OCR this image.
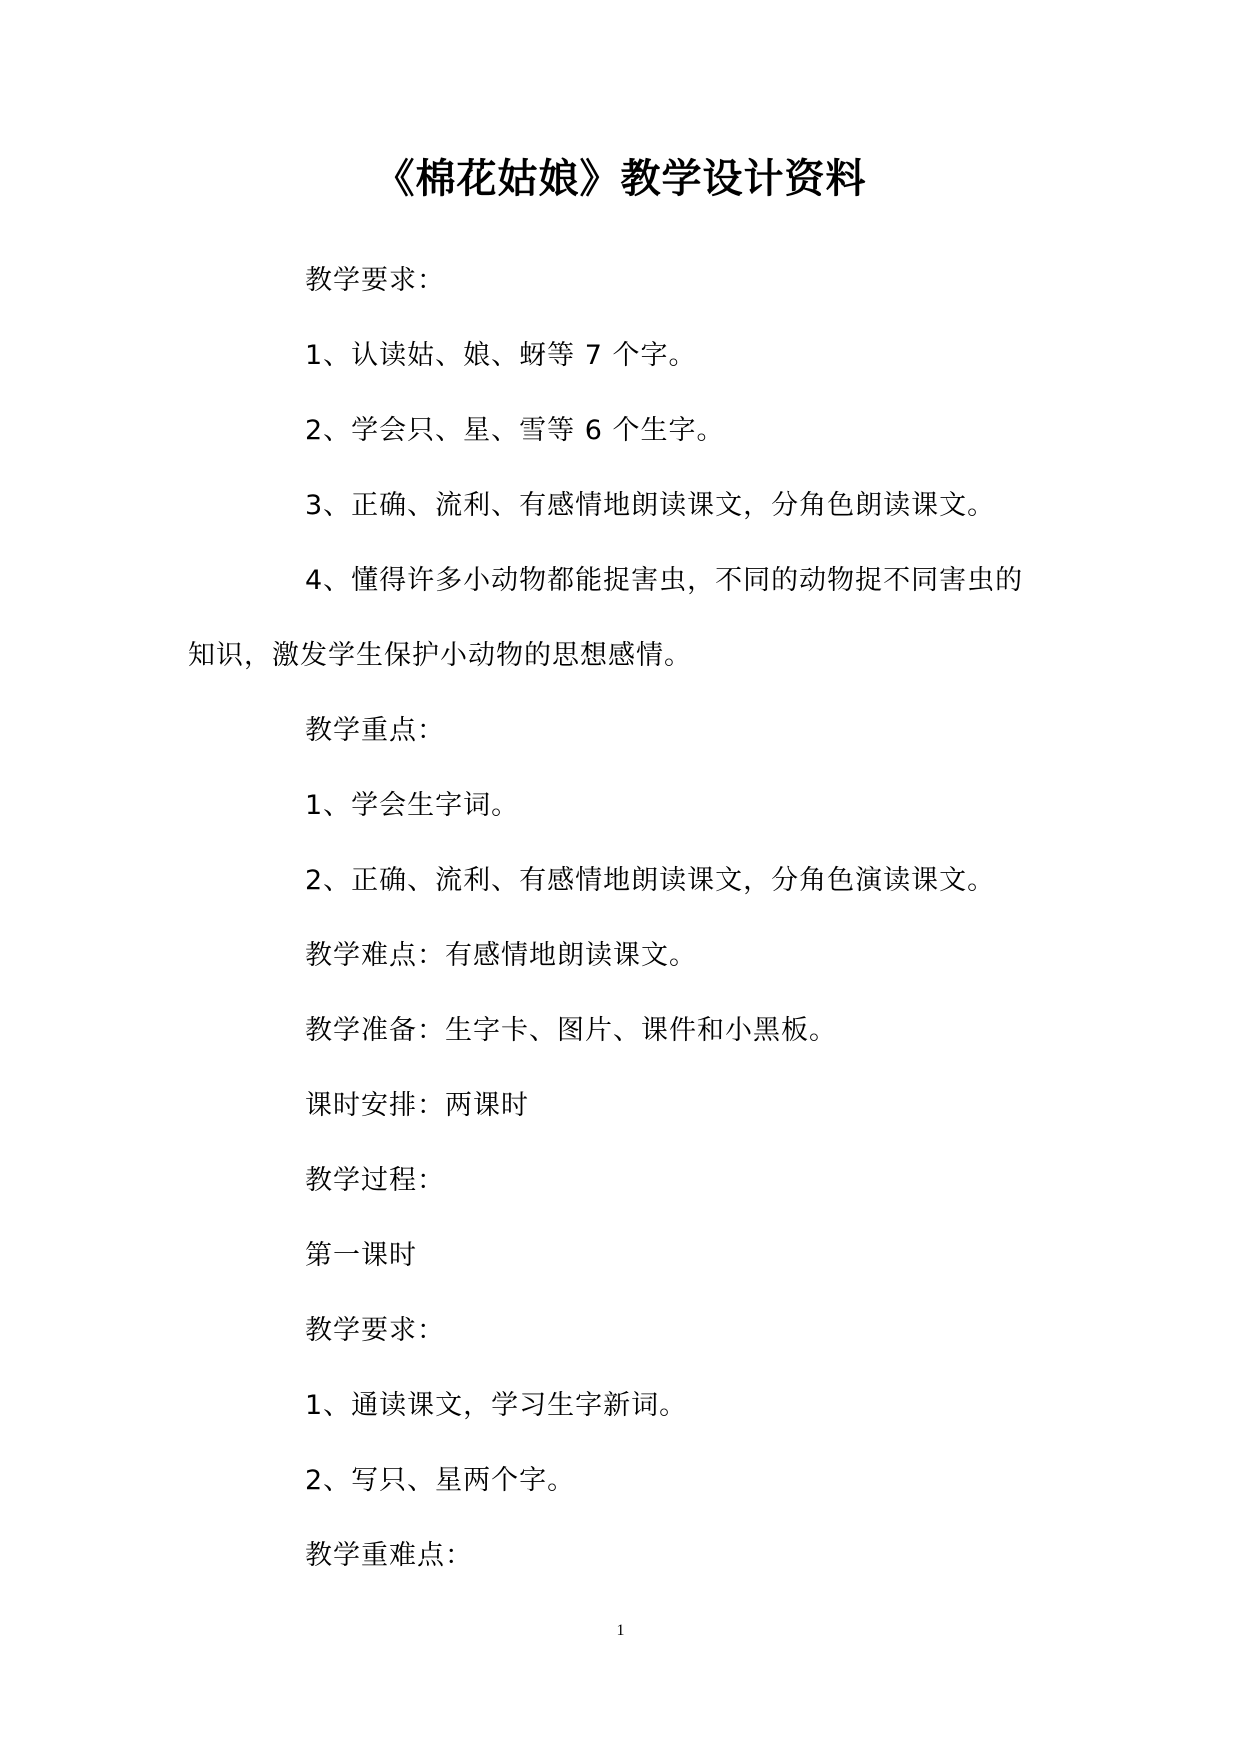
《棉花姑娘》教学设计资料
教学要求：
1、认读姑、娘、蚜等 7 个字。
2、学会只、星、雪等 6 个生字。
3、正确、流利、有感情地朗读课文，分角色朗读课文。
4、懂得许多小动物都能捉害虫，不同的动物捉不同害虫的
知识，激发学生保护小动物的思想感情。
教学重点：
1、学会生字词。
2、正确、流利、有感情地朗读课文，分角色演读课文。
教学难点：有感情地朗读课文。
教学准备：生字卡、图片、课件和小黑板。
课时安排：两课时
教学过程：
第一课时
教学要求：
1、通读课文，学习生字新词。
2、写只、星两个字。
教学重难点：
1
